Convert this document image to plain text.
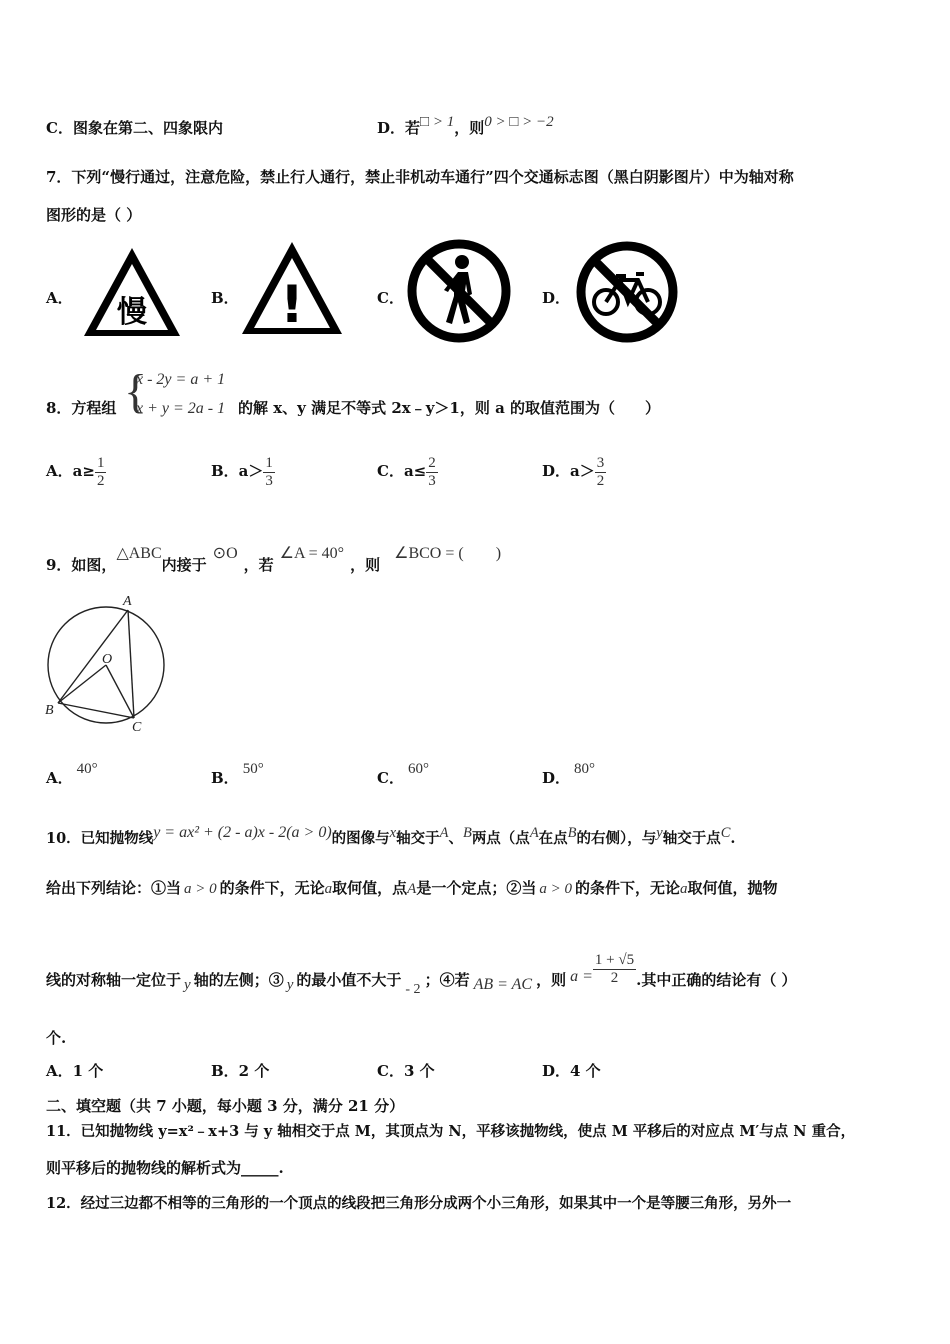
C．图象在第二、四象限内	D．若□ > 1，则0 > □ > −2
7．下列“慢行通过，注意危险，禁止行人通行，禁止非机动车通行”四个交通标志图（黑白阴影图片）中为轴对称
图形的是（ ）
A．	B．	C．	D．
慢	!
8．方程组 {
x - 2y = a + 1
x + y = 2a - 1 的解 x、y 满足不等式 2x﹣y＞1，则 a 的取值范围为（　　）
A．$a\ge \frac{1}{2}$	B．$a> \frac{1}{3}$	C．$a\le \frac{2}{3}$	D．$a> \frac{3}{2}$
9．如图，△ABC内接于⊙O，若∠A = 40°，则∠BCO = (　　)
A
O
B
C
A． 40°	B． 50°	C． 60°	D． 80°
10．已知抛物线y = ax² + (2 - a)x - 2(a > 0)的图像与x轴交于A、B两点（点A在点B的右侧），与y轴交于点C.
给出下列结论：①当 a > 0 的条件下，无论a取何值，点A是一个定点；②当 a > 0 的条件下，无论a取何值，抛物
线的对称轴一定位于 y 轴的左侧；③ y 的最小值不大于- 2；④若 AB = AC ，则 $a = \frac{1 + √5}{2}$ .其中正确的结论有（ ）
个.
A．1 个	B．2 个	C．3 个	D．4 个
二、填空题（共 7 小题，每小题 3 分，满分 21 分）
11．已知抛物线 y=x²﹣x+3 与 y 轴相交于点 M，其顶点为 N，平移该抛物线，使点 M 平移后的对应点 M′与点 N 重合，
则平移后的抛物线的解析式为_____.
12．经过三边都不相等的三角形的一个顶点的线段把三角形分成两个小三角形，如果其中一个是等腰三角形，另外一
